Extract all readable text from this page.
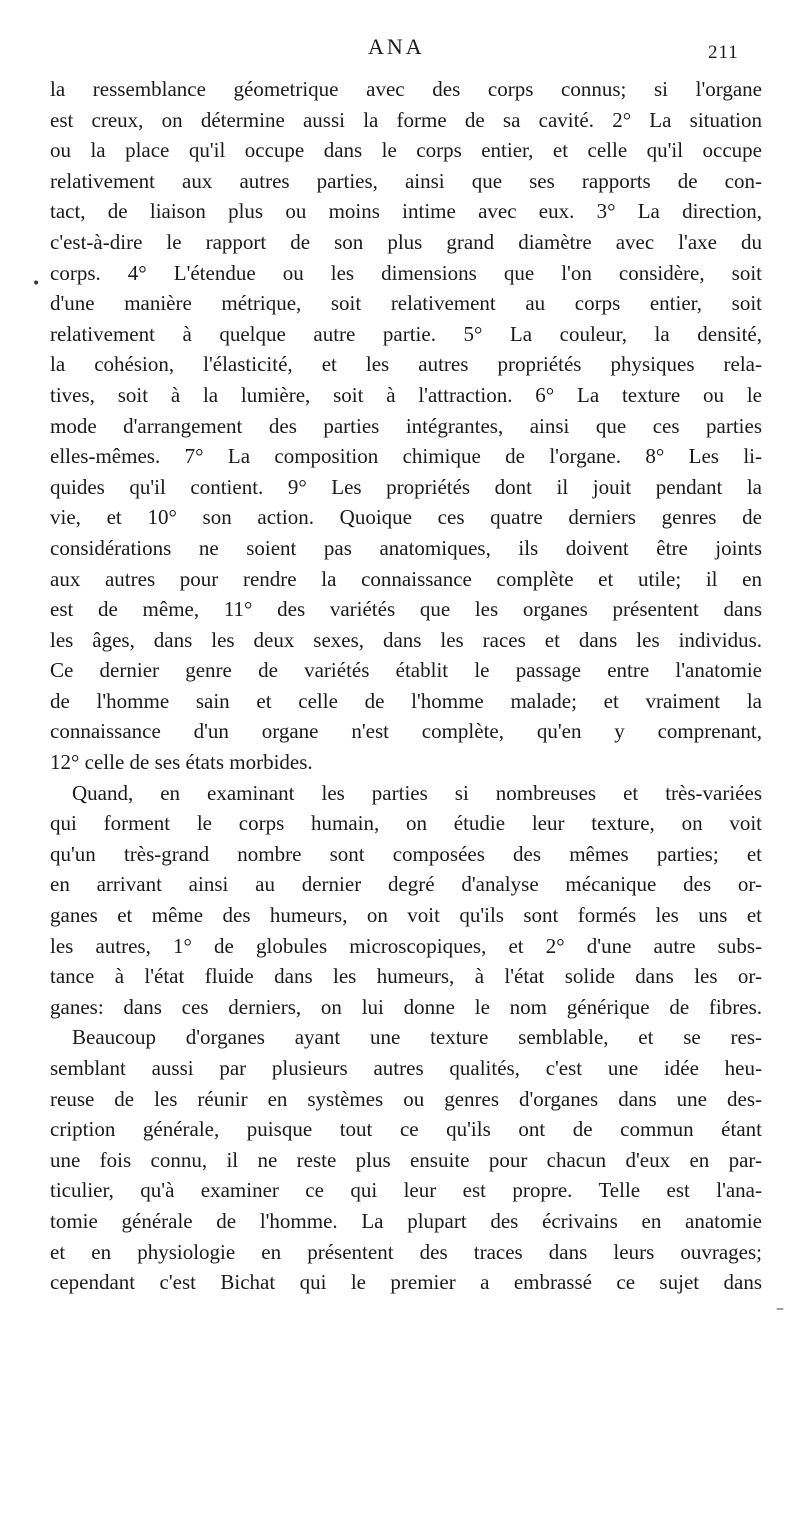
ANA	211
•
–
la ressemblance géometrique avec des corps connus; si l'organe
est creux, on détermine aussi la forme de sa cavité. 2° La situation
ou la place qu'il occupe dans le corps entier, et celle qu'il occupe
relativement aux autres parties, ainsi que ses rapports de con-
tact, de liaison plus ou moins intime avec eux. 3° La direction,
c'est-à-dire le rapport de son plus grand diamètre avec l'axe du
corps. 4° L'étendue ou les dimensions que l'on considère, soit
d'une manière métrique, soit relativement au corps entier, soit
relativement à quelque autre partie. 5° La couleur, la densité,
la cohésion, l'élasticité, et les autres propriétés physiques rela-
tives, soit à la lumière, soit à l'attraction. 6° La texture ou le
mode d'arrangement des parties intégrantes, ainsi que ces parties
elles-mêmes. 7° La composition chimique de l'organe. 8° Les li-
quides qu'il contient. 9° Les propriétés dont il jouit pendant la
vie, et 10° son action. Quoique ces quatre derniers genres de
considérations ne soient pas anatomiques, ils doivent être joints
aux autres pour rendre la connaissance complète et utile; il en
est de même, 11° des variétés que les organes présentent dans
les âges, dans les deux sexes, dans les races et dans les individus.
Ce dernier genre de variétés établit le passage entre l'anatomie
de l'homme sain et celle de l'homme malade; et vraiment la
connaissance d'un organe n'est complète, qu'en y comprenant,
12° celle de ses états morbides.
Quand, en examinant les parties si nombreuses et très-variées
qui forment le corps humain, on étudie leur texture, on voit
qu'un très-grand nombre sont composées des mêmes parties; et
en arrivant ainsi au dernier degré d'analyse mécanique des or-
ganes et même des humeurs, on voit qu'ils sont formés les uns et
les autres, 1° de globules microscopiques, et 2° d'une autre subs-
tance à l'état fluide dans les humeurs, à l'état solide dans les or-
ganes: dans ces derniers, on lui donne le nom générique de fibres.
Beaucoup d'organes ayant une texture semblable, et se res-
semblant aussi par plusieurs autres qualités, c'est une idée heu-
reuse de les réunir en systèmes ou genres d'organes dans une des-
cription générale, puisque tout ce qu'ils ont de commun étant
une fois connu, il ne reste plus ensuite pour chacun d'eux en par-
ticulier, qu'à examiner ce qui leur est propre. Telle est l'ana-
tomie générale de l'homme. La plupart des écrivains en anatomie
et en physiologie en présentent des traces dans leurs ouvrages;
cependant c'est Bichat qui le premier a embrassé ce sujet dans
